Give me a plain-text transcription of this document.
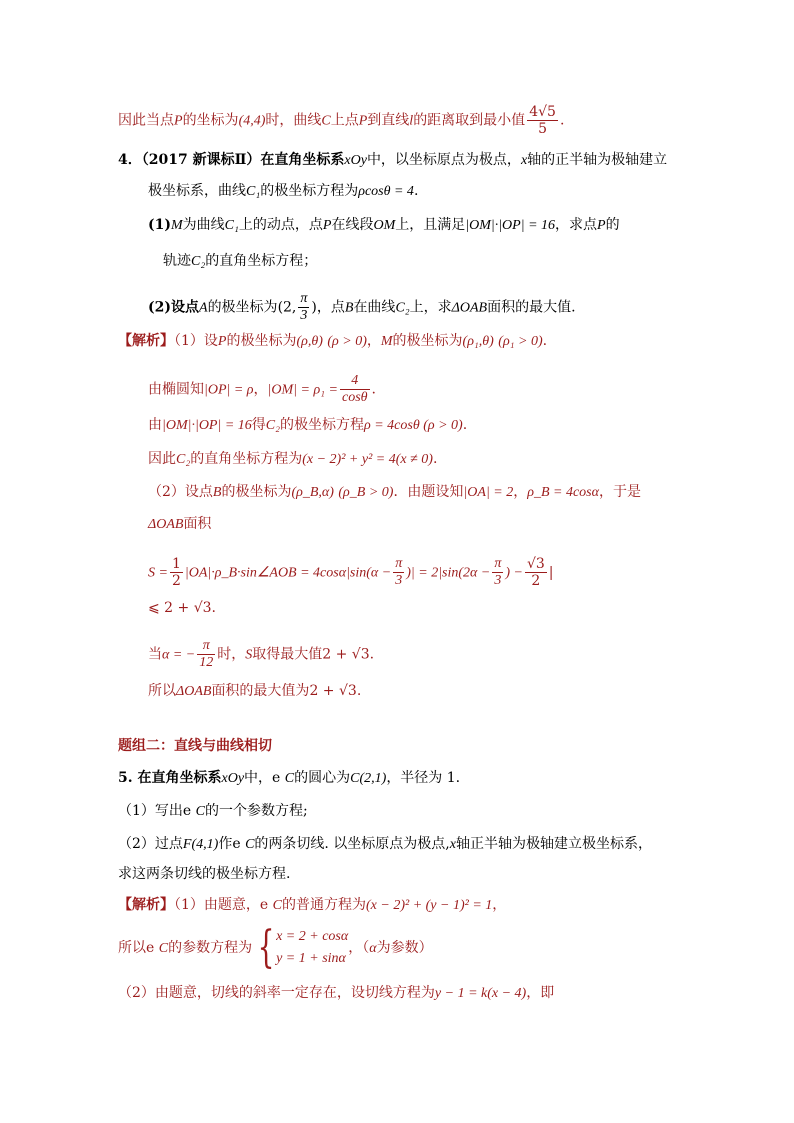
因此当点P的坐标为(4,4)时，曲线C上点P到直线l的距离取到最小值 $\frac{4√5}{5}$ .
4．（2017 新课标Ⅱ）在直角坐标系xOy中，以坐标原点为极点，x轴的正半轴为极轴建立
极坐标系，曲线C₁的极坐标方程为ρcosθ = 4.
(1)M为曲线C₁上的动点，点P在线段OM上，且满足|OM|·|OP| = 16，求点P的
轨迹C₂的直角坐标方程；
(2)设点A的极坐标为(2, $\frac{\pi}{3}$ )，点B在曲线C₂上，求ΔOAB面积的最大值.
【解析】（1）设P的极坐标为(ρ,θ) (ρ > 0)，M的极坐标为(ρ₁,θ) (ρ₁ > 0).
由椭圆知|OP| = ρ，$|OM| = \rho_1 = \frac{4}{\cos\theta}$ .
由|OM|·|OP| = 16得C₂的极坐标方程ρ = 4cosθ (ρ > 0).
因此C₂的直角坐标方程为(x − 2)² + y² = 4(x ≠ 0).
（2）设点B的极坐标为(ρ_B,α) (ρ_B > 0)．由题设知|OA| = 2，ρ_B = 4cosα，于是
ΔOAB面积
$S = \frac{1}{2}$ |OA|·ρ_B·sin∠AOB = $4\cos\alpha|\sin(\alpha - \frac{\pi}{3}$ )| = $2|\sin(2\alpha - \frac{\pi}{3}$ ) − $\frac{√3}{2}$ |
⩽ 2 + √3.
当α = − $\frac{\pi}{12}$ 时，S取得最大值2 + √3.
所以ΔOAB面积的最大值为2 + √3.
题组二：直线与曲线相切
5. 在直角坐标系xOy中，e C的圆心为C(2,1)，半径为 1.
（1）写出e C的一个参数方程;
（2）过点F(4,1)作e C的两条切线. 以坐标原点为极点,x轴正半轴为极轴建立极坐标系，
求这两条切线的极坐标方程.
【解析】（1）由题意，e C的普通方程为(x − 2)² + (y − 1)² = 1，
所以e C的参数方程为 { x = 2 + cosα
y = 1 + sinα
，（α为参数）
（2）由题意，切线的斜率一定存在，设切线方程为y − 1 = k(x − 4)，即
